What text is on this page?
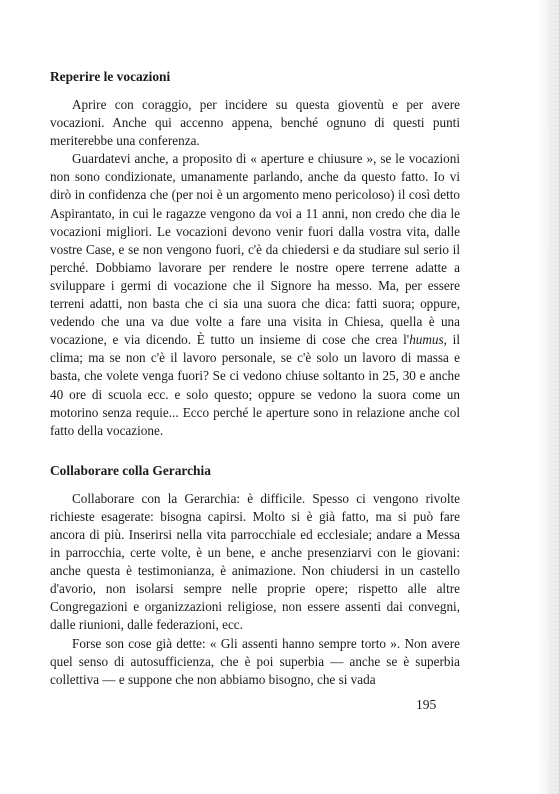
Reperire le vocazioni

Aprire con coraggio, per incidere su questa gioventù e per avere vocazioni. Anche qui accenno appena, benché ognuno di questi punti meriterebbe una conferenza.

Guardatevi anche, a proposito di « aperture e chiusure », se le vocazioni non sono condizionate, umanamente parlando, anche da questo fatto. Io vi dirò in confidenza che (per noi è un argomento meno pericoloso) il così detto Aspirantato, in cui le ragazze vengono da voi a 11 anni, non credo che dia le vocazioni migliori. Le vocazioni devono venir fuori dalla vostra vita, dalle vostre Case, e se non vengono fuori, c'è da chiedersi e da studiare sul serio il perché. Dobbiamo lavorare per rendere le nostre opere terrene adatte a sviluppare i germi di vocazione che il Signore ha messo. Ma, per essere terreni adatti, non basta che ci sia una suora che dica: fatti suora; oppure, vedendo che una va due volte a fare una visita in Chiesa, quella è una vocazione, e via dicendo. È tutto un insieme di cose che crea l'humus, il clima; ma se non c'è il lavoro personale, se c'è solo un lavoro di massa e basta, che volete venga fuori? Se ci vedono chiuse soltanto in 25, 30 e anche 40 ore di scuola ecc. e solo questo; oppure se vedono la suora come un motorino senza requie... Ecco perché le aperture sono in relazione anche col fatto della vocazione.

Collaborare colla Gerarchia

Collaborare con la Gerarchia: è difficile. Spesso ci vengono rivolte richieste esagerate: bisogna capirsi. Molto si è già fatto, ma si può fare ancora di più. Inserirsi nella vita parrocchiale ed ecclesiale; andare a Messa in parrocchia, certe volte, è un bene, e anche presenziarvi con le giovani: anche questa è testimonianza, è animazione. Non chiudersi in un castello d'avorio, non isolarsi sempre nelle proprie opere; rispetto alle altre Congregazioni e organizzazioni religiose, non essere assenti dai convegni, dalle riunioni, dalle federazioni, ecc.

Forse son cose già dette: « Gli assenti hanno sempre torto ». Non avere quel senso di autosufficienza, che è poi superbia — anche se è superbia collettiva — e suppone che non abbiamo bisogno, che si vada

195
